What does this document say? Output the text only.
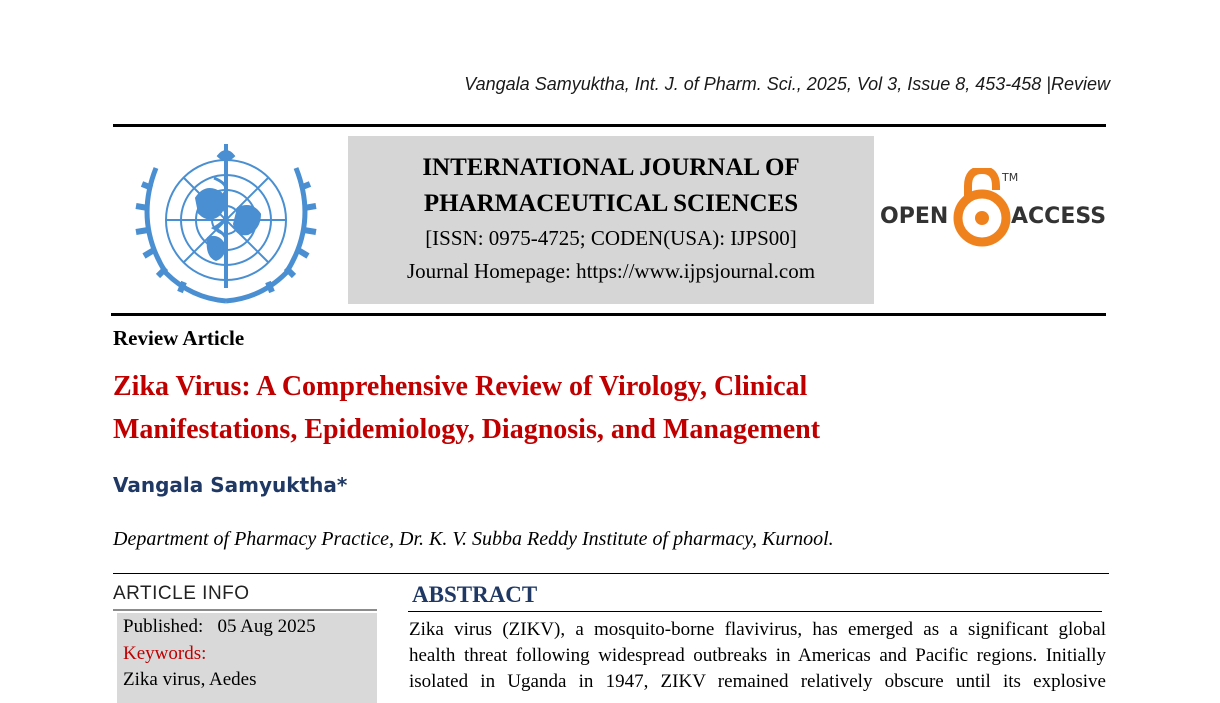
Vangala Samyuktha, Int. J. of Pharm. Sci., 2025, Vol 3, Issue 8, 453-458 |Review
INTERNATIONAL JOURNAL OF
PHARMACEUTICAL SCIENCES
[ISSN: 0975-4725; CODEN(USA): IJPS00]
Journal Homepage: https://www.ijpsjournal.com
OPEN
TM
ACCESS
Review Article
Zika Virus: A Comprehensive Review of Virology, Clinical
Manifestations, Epidemiology, Diagnosis, and Management
Vangala Samyuktha*
Department of Pharmacy Practice, Dr. K. V. Subba Reddy Institute of pharmacy, Kurnool.
ARTICLE INFO
Published: 05 Aug 2025
Keywords:
Zika virus, Aedes
ABSTRACT
Zika virus (ZIKV), a mosquito-borne flavivirus, has emerged as a significant global
health threat following widespread outbreaks in Americas and Pacific regions. Initially
isolated in Uganda in 1947, ZIKV remained relatively obscure until its explosive
